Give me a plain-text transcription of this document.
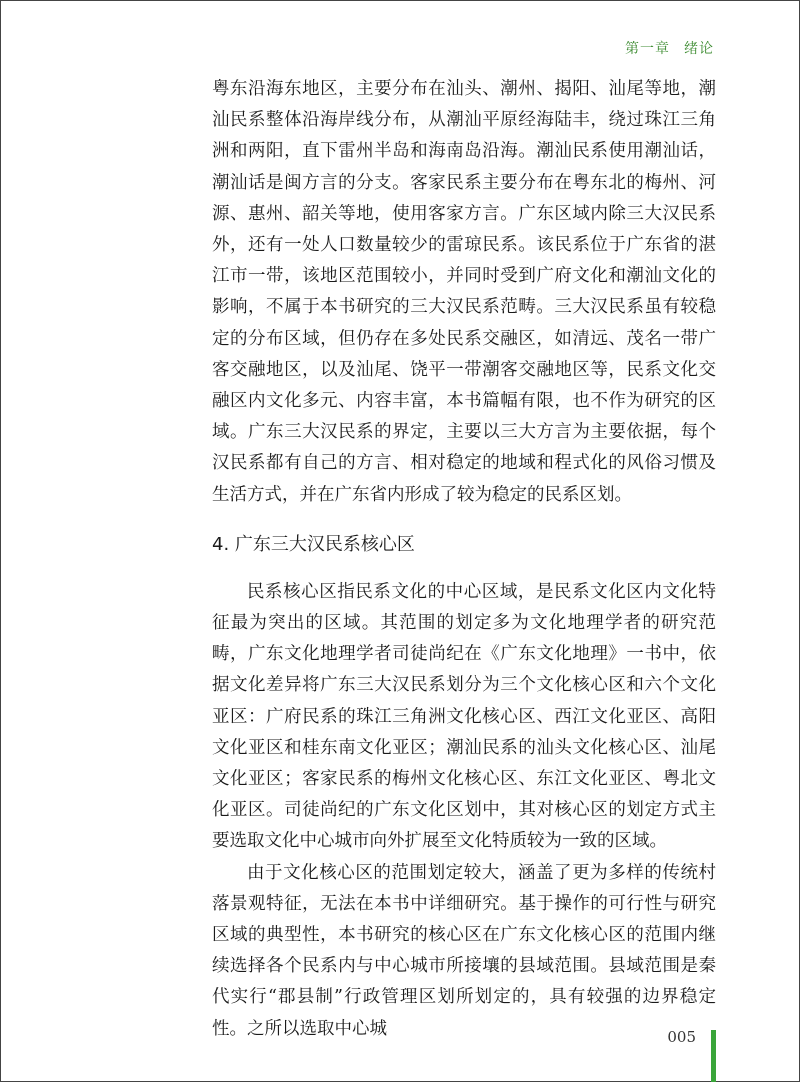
第一章 绪论

粤东沿海东地区，主要分布在汕头、潮州、揭阳、汕尾等地，潮汕民系整体沿海岸线分布，从潮汕平原经海陆丰，绕过珠江三角洲和两阳，直下雷州半岛和海南岛沿海。潮汕民系使用潮汕话，潮汕话是闽方言的分支。客家民系主要分布在粤东北的梅州、河源、惠州、韶关等地，使用客家方言。广东区域内除三大汉民系外，还有一处人口数量较少的雷琼民系。该民系位于广东省的湛江市一带，该地区范围较小，并同时受到广府文化和潮汕文化的影响，不属于本书研究的三大汉民系范畴。三大汉民系虽有较稳定的分布区域，但仍存在多处民系交融区，如清远、茂名一带广客交融地区，以及汕尾、饶平一带潮客交融地区等，民系文化交融区内文化多元、内容丰富，本书篇幅有限，也不作为研究的区域。广东三大汉民系的界定，主要以三大方言为主要依据，每个汉民系都有自己的方言、相对稳定的地域和程式化的风俗习惯及生活方式，并在广东省内形成了较为稳定的民系区划。

4. 广东三大汉民系核心区

民系核心区指民系文化的中心区域，是民系文化区内文化特征最为突出的区域。其范围的划定多为文化地理学者的研究范畴，广东文化地理学者司徒尚纪在《广东文化地理》一书中，依据文化差异将广东三大汉民系划分为三个文化核心区和六个文化亚区：广府民系的珠江三角洲文化核心区、西江文化亚区、高阳文化亚区和桂东南文化亚区；潮汕民系的汕头文化核心区、汕尾文化亚区；客家民系的梅州文化核心区、东江文化亚区、粤北文化亚区。司徒尚纪的广东文化区划中，其对核心区的划定方式主要选取文化中心城市向外扩展至文化特质较为一致的区域。

由于文化核心区的范围划定较大，涵盖了更为多样的传统村落景观特征，无法在本书中详细研究。基于操作的可行性与研究区域的典型性，本书研究的核心区在广东文化核心区的范围内继续选择各个民系内与中心城市所接壤的县域范围。县域范围是秦代实行“郡县制”行政管理区划所划定的，具有较强的边界稳定性。之所以选取中心城	005
